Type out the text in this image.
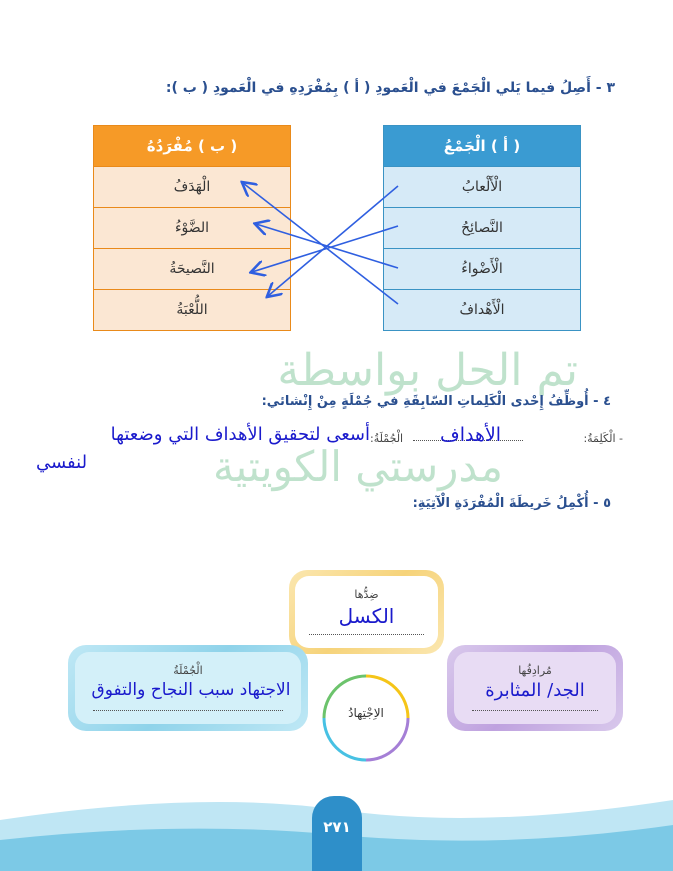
٣ - أَصِلُ فيما يَلي الْجَمْعَ في الْعَمودِ ( أ ) بِمُفْرَدِهِ في الْعَمودِ ( ب ):
( أ ) الْجَمْعُ
الْأَلْعابُ
النَّصائِحُ
الْأَضْواءُ
الْأَهْدافُ
( ب ) مُفْرَدُهُ
الْهَدَفُ
الضَّوْءُ
النَّصيحَةُ
اللُّعْبَةُ
تم الحل بواسطة
مدرستي الكويتية
٤ - أُوظِّفُ إِحْدى الْكَلِماتِ السّابِقَةِ في جُمْلَةٍ مِنْ إِنْشائي:
- الْكَلِمَةُ:
الأهداف
الْجُمْلَةُ:
أسعى لتحقيق الأهداف التي وضعتها
لنفسي
٥ - أُكْمِلُ خَريطَةَ الْمُفْرَدَةِ الْآتِيَةِ:
ضِدُّها
الكسل
مُرادِفُها
الجد/ المثابرة
الْجُمْلَةُ
الاجتهاد سبب النجاح والتفوق
الاِجْتِهادُ
٢٧١
